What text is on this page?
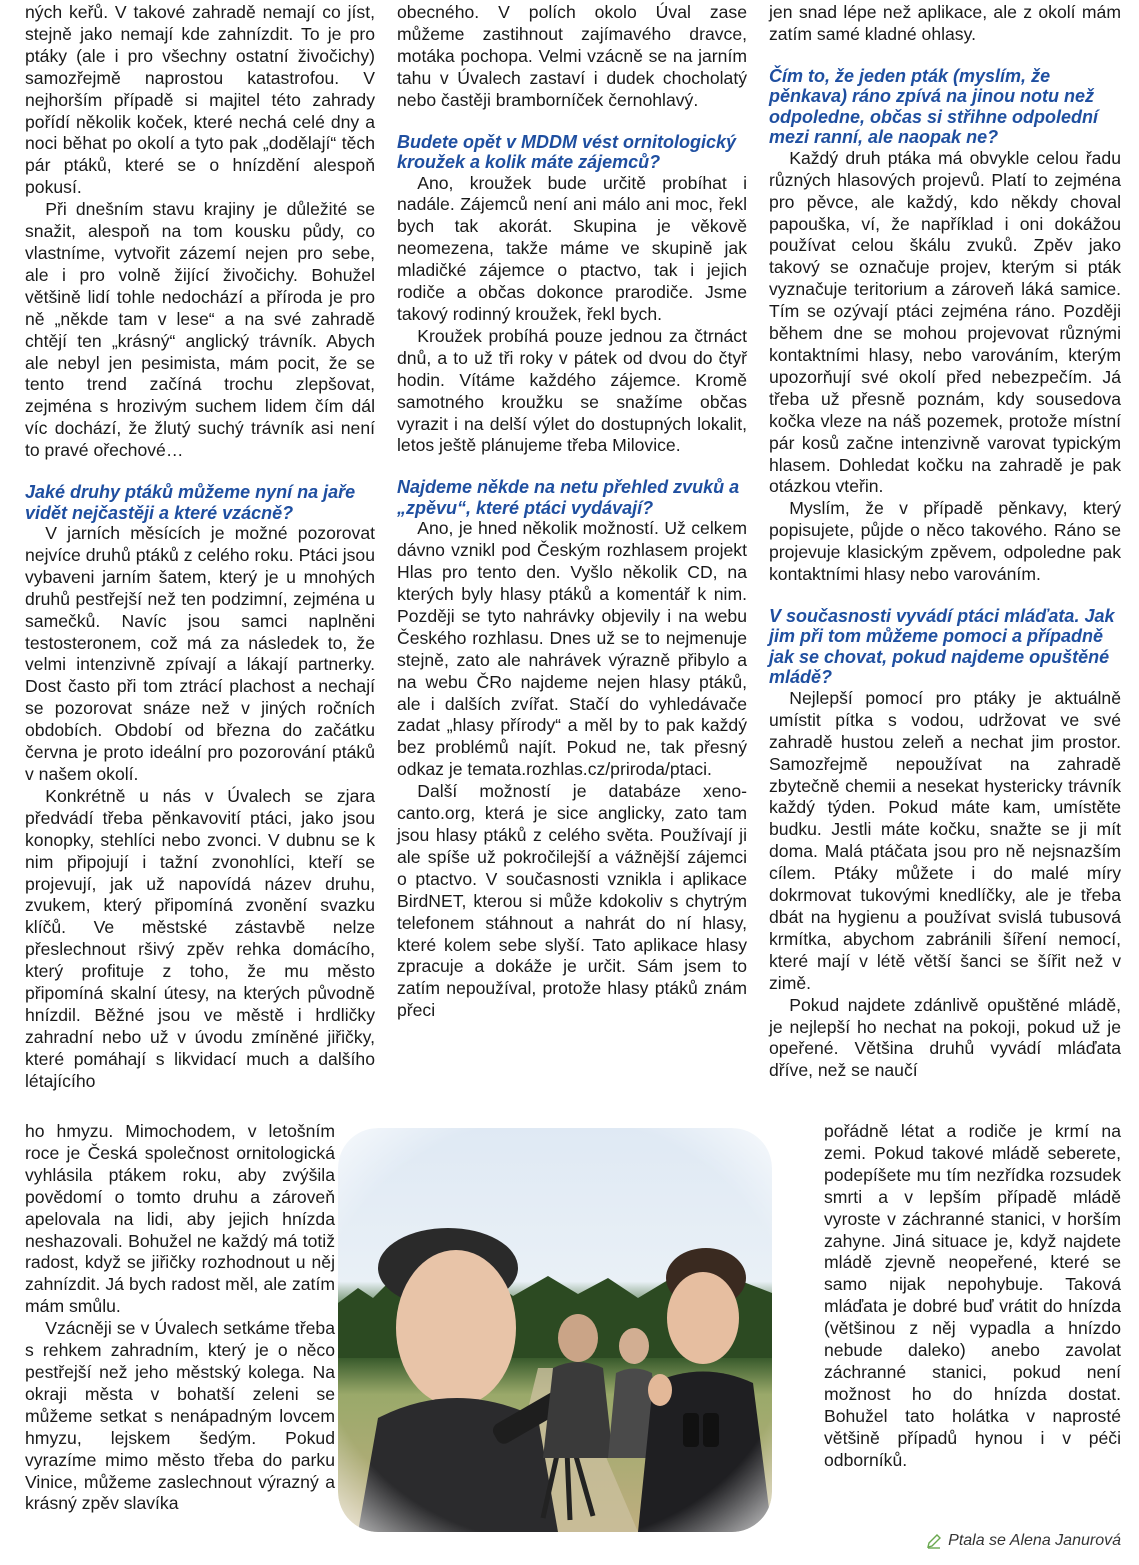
ných keřů. V takové zahradě nemají co jíst, stejně jako nemají kde zahnízdit. To je pro ptáky (ale i pro všechny ostatní živočichy) samozřejmě naprostou katastrofou. V nejhorším případě si majitel této zahrady pořídí několik koček, které nechá celé dny a noci běhat po okolí a tyto pak „dodělají“ těch pár ptáků, které se o hnízdění alespoň pokusí.

Při dnešním stavu krajiny je důležité se snažit, alespoň na tom kousku půdy, co vlastníme, vytvořit zázemí nejen pro sebe, ale i pro volně žijící živočichy. Bohužel většině lidí tohle nedochází a příroda je pro ně „někde tam v lese“ a na své zahradě chtějí ten „krásný“ anglický trávník. Abych ale nebyl jen pesimista, mám pocit, že se tento trend začíná trochu zlepšovat, zejména s hrozivým suchem lidem čím dál víc dochází, že žlutý suchý trávník asi není to pravé ořechové…

Jaké druhy ptáků můžeme nyní na jaře vidět nejčastěji a které vzácně?

V jarních měsících je možné pozorovat nejvíce druhů ptáků z celého roku. Ptáci jsou vybaveni jarním šatem, který je u mnohých druhů pestřejší než ten podzimní, zejména u samečků. Navíc jsou samci naplněni testosteronem, což má za následek to, že velmi intenzivně zpívají a lákají partnerky. Dost často při tom ztrácí plachost a nechají se pozorovat snáze než v jiných ročních obdobích. Období od března do začátku června je proto ideální pro pozorování ptáků v našem okolí.

Konkrétně u nás v Úvalech se zjara předvádí třeba pěnkavovití ptáci, jako jsou konopky, stehlíci nebo zvonci. V dubnu se k nim připojují i tažní zvonohlíci, kteří se projevují, jak už napovídá název druhu, zvukem, který připomíná zvonění svazku klíčů. Ve městské zástavbě nelze přeslechnout ršivý zpěv rehka domácího, který profituje z toho, že mu město připomíná skalní útesy, na kterých původně hnízdil. Běžné jsou ve městě i hrdličky zahradní nebo už v úvodu zmíněné jiřičky, které pomáhají s likvidací much a dalšího létajícího

ho hmyzu. Mimochodem, v letošním roce je Česká společnost ornitologická vyhlásila ptákem roku, aby zvýšila povědomí o tomto druhu a zároveň apelovala na lidi, aby jejich hnízda neshazovali. Bohužel ne každý má totiž radost, když se jiřičky rozhodnout u něj zahnízdit. Já bych radost měl, ale zatím mám smůlu.

Vzácněji se v Úvalech setkáme třeba s rehkem zahradním, který je o něco pestřejší než jeho městský kolega. Na okraji města v bohatší zeleni se můžeme setkat s nenápadným lovcem hmyzu, lejskem šedým. Pokud vyrazíme mimo město třeba do parku Vinice, můžeme zaslechnout výrazný a krásný zpěv slavíka

obecného. V polích okolo Úval zase můžeme zastihnout zajímavého dravce, motáka pochopa. Velmi vzácně se na jarním tahu v Úvalech zastaví i dudek chocholatý nebo častěji bramborníček černohlavý.

Budete opět v MDDM vést ornitologický kroužek a kolik máte zájemců?

Ano, kroužek bude určitě probíhat i nadále. Zájemců není ani málo ani moc, řekl bych tak akorát. Skupina je věkově neomezena, takže máme ve skupině jak mladičké zájemce o ptactvo, tak i jejich rodiče a občas dokonce prarodiče. Jsme takový rodinný kroužek, řekl bych.

Kroužek probíhá pouze jednou za čtrnáct dnů, a to už tři roky v pátek od dvou do čtyř hodin. Vítáme každého zájemce. Kromě samotného kroužku se snažíme občas vyrazit i na delší výlet do dostupných lokalit, letos ještě plánujeme třeba Milovice.

Najdeme někde na netu přehled zvuků a „zpěvu“, které ptáci vydávají?

Ano, je hned několik možností. Už celkem dávno vznikl pod Českým rozhlasem projekt Hlas pro tento den. Vyšlo několik CD, na kterých byly hlasy ptáků a komentář k nim. Později se tyto nahrávky objevily i na webu Českého rozhlasu. Dnes už se to nejmenuje stejně, zato ale nahrávek výrazně přibylo a na webu ČRo najdeme nejen hlasy ptáků, ale i dalších zvířat. Stačí do vyhledávače zadat „hlasy přírody“ a měl by to pak každý bez problémů najít. Pokud ne, tak přesný odkaz je temata.rozhlas.cz/priroda/ptaci.

Další možností je databáze xeno-canto.org, která je sice anglicky, zato tam jsou hlasy ptáků z celého světa. Používají ji ale spíše už pokročilejší a vážnější zájemci o ptactvo. V současnosti vznikla i aplikace BirdNET, kterou si může kdokoliv s chytrým telefonem stáhnout a nahrát do ní hlasy, které kolem sebe slyší. Tato aplikace hlasy zpracuje a dokáže je určit. Sám jsem to zatím nepoužíval, protože hlasy ptáků znám přeci

jen snad lépe než aplikace, ale z okolí mám zatím samé kladné ohlasy.

Čím to, že jeden pták (myslím, že pěnkava) ráno zpívá na jinou notu než odpoledne, občas si střihne odpolední mezi ranní, ale naopak ne?

Každý druh ptáka má obvykle celou řadu různých hlasových projevů. Platí to zejména pro pěvce, ale každý, kdo někdy choval papouška, ví, že například i oni dokážou používat celou škálu zvuků. Zpěv jako takový se označuje projev, kterým si pták vyznačuje teritorium a zároveň láká samice. Tím se ozývají ptáci zejména ráno. Později během dne se mohou projevovat různými kontaktními hlasy, nebo varováním, kterým upozorňují své okolí před nebezpečím. Já třeba už přesně poznám, kdy sousedova kočka vleze na náš pozemek, protože místní pár kosů začne intenzivně varovat typickým hlasem. Dohledat kočku na zahradě je pak otázkou vteřin.

Myslím, že v případě pěnkavy, který popisujete, půjde o něco takového. Ráno se projevuje klasickým zpěvem, odpoledne pak kontaktními hlasy nebo varováním.

V současnosti vyvádí ptáci mláďata. Jak jim při tom můžeme pomoci a případně jak se chovat, pokud najdeme opuštěné mládě?

Nejlepší pomocí pro ptáky je aktuálně umístit pítka s vodou, udržovat ve své zahradě hustou zeleň a nechat jim prostor. Samozřejmě nepoužívat na zahradě zbytečně chemii a nesekat hystericky trávník každý týden. Pokud máte kam, umístěte budku. Jestli máte kočku, snažte se ji mít doma. Malá ptáčata jsou pro ně nejsnazším cílem. Ptáky můžete i do malé míry dokrmovat tukovými knedlíčky, ale je třeba dbát na hygienu a používat svislá tubusová krmítka, abychom zabránili šíření nemocí, které mají v létě větší šanci se šířit než v zimě.

Pokud najdete zdánlivě opuštěné mládě, je nejlepší ho nechat na pokoji, pokud už je opeřené. Většina druhů vyvádí mláďata dříve, než se naučí

pořádně létat a rodiče je krmí na zemi. Pokud takové mládě seberete, podepíšete mu tím nezřídka rozsudek smrti a v lepším případě mládě vyroste v záchranné stanici, v horším zahyne. Jiná situace je, když najdete mládě zjevně neopeřené, které se samo nijak nepohybuje. Taková mláďata je dobré buď vrátit do hnízda (většinou z něj vypadla a hnízdo nebude daleko) anebo zavolat záchranné stanici, pokud není možnost ho do hnízda dostat. Bohužel tato holátka v naprosté většině případů hynou i v péči odborníků.

Ptala se Alena Janurová
